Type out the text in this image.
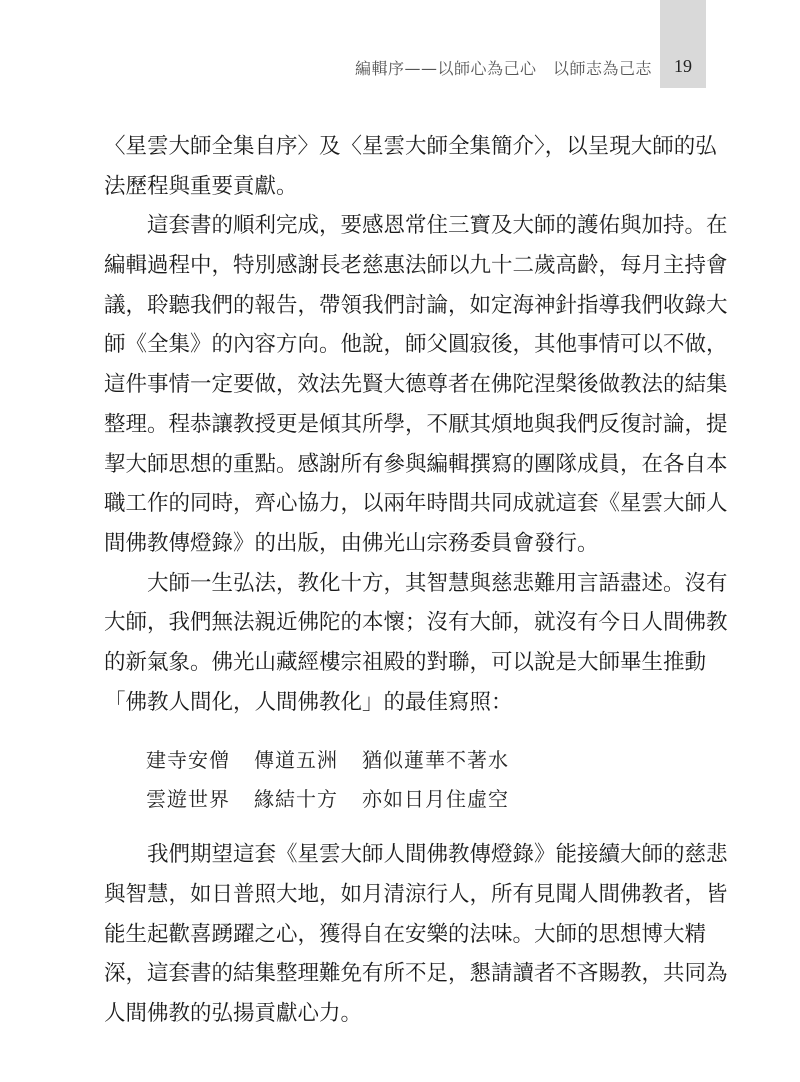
編輯序——以師心為己心　以師志為己志	19

〈星雲大師全集自序〉及〈星雲大師全集簡介〉，以呈現大師的弘
法歷程與重要貢獻。

這套書的順利完成，要感恩常住三寶及大師的護佑與加持。在
編輯過程中，特別感謝長老慈惠法師以九十二歲高齡，每月主持會
議，聆聽我們的報告，帶領我們討論，如定海神針指導我們收錄大
師《全集》的內容方向。他說，師父圓寂後，其他事情可以不做，
這件事情一定要做，效法先賢大德尊者在佛陀涅槃後做教法的結集
整理。程恭讓教授更是傾其所學，不厭其煩地與我們反復討論，提
挈大師思想的重點。感謝所有參與編輯撰寫的團隊成員，在各自本
職工作的同時，齊心協力，以兩年時間共同成就這套《星雲大師人
間佛教傳燈錄》的出版，由佛光山宗務委員會發行。

大師一生弘法，教化十方，其智慧與慈悲難用言語盡述。沒有
大師，我們無法親近佛陀的本懷；沒有大師，就沒有今日人間佛教
的新氣象。佛光山藏經樓宗祖殿的對聯，可以說是大師畢生推動
「佛教人間化，人間佛教化」的最佳寫照：

建寺安僧 傳道五洲 猶似蓮華不著水

雲遊世界 緣結十方 亦如日月住虛空

我們期望這套《星雲大師人間佛教傳燈錄》能接續大師的慈悲
與智慧，如日普照大地，如月清涼行人，所有見聞人間佛教者，皆
能生起歡喜踴躍之心，獲得自在安樂的法味。大師的思想博大精
深，這套書的結集整理難免有所不足，懇請讀者不吝賜教，共同為
人間佛教的弘揚貢獻心力。
